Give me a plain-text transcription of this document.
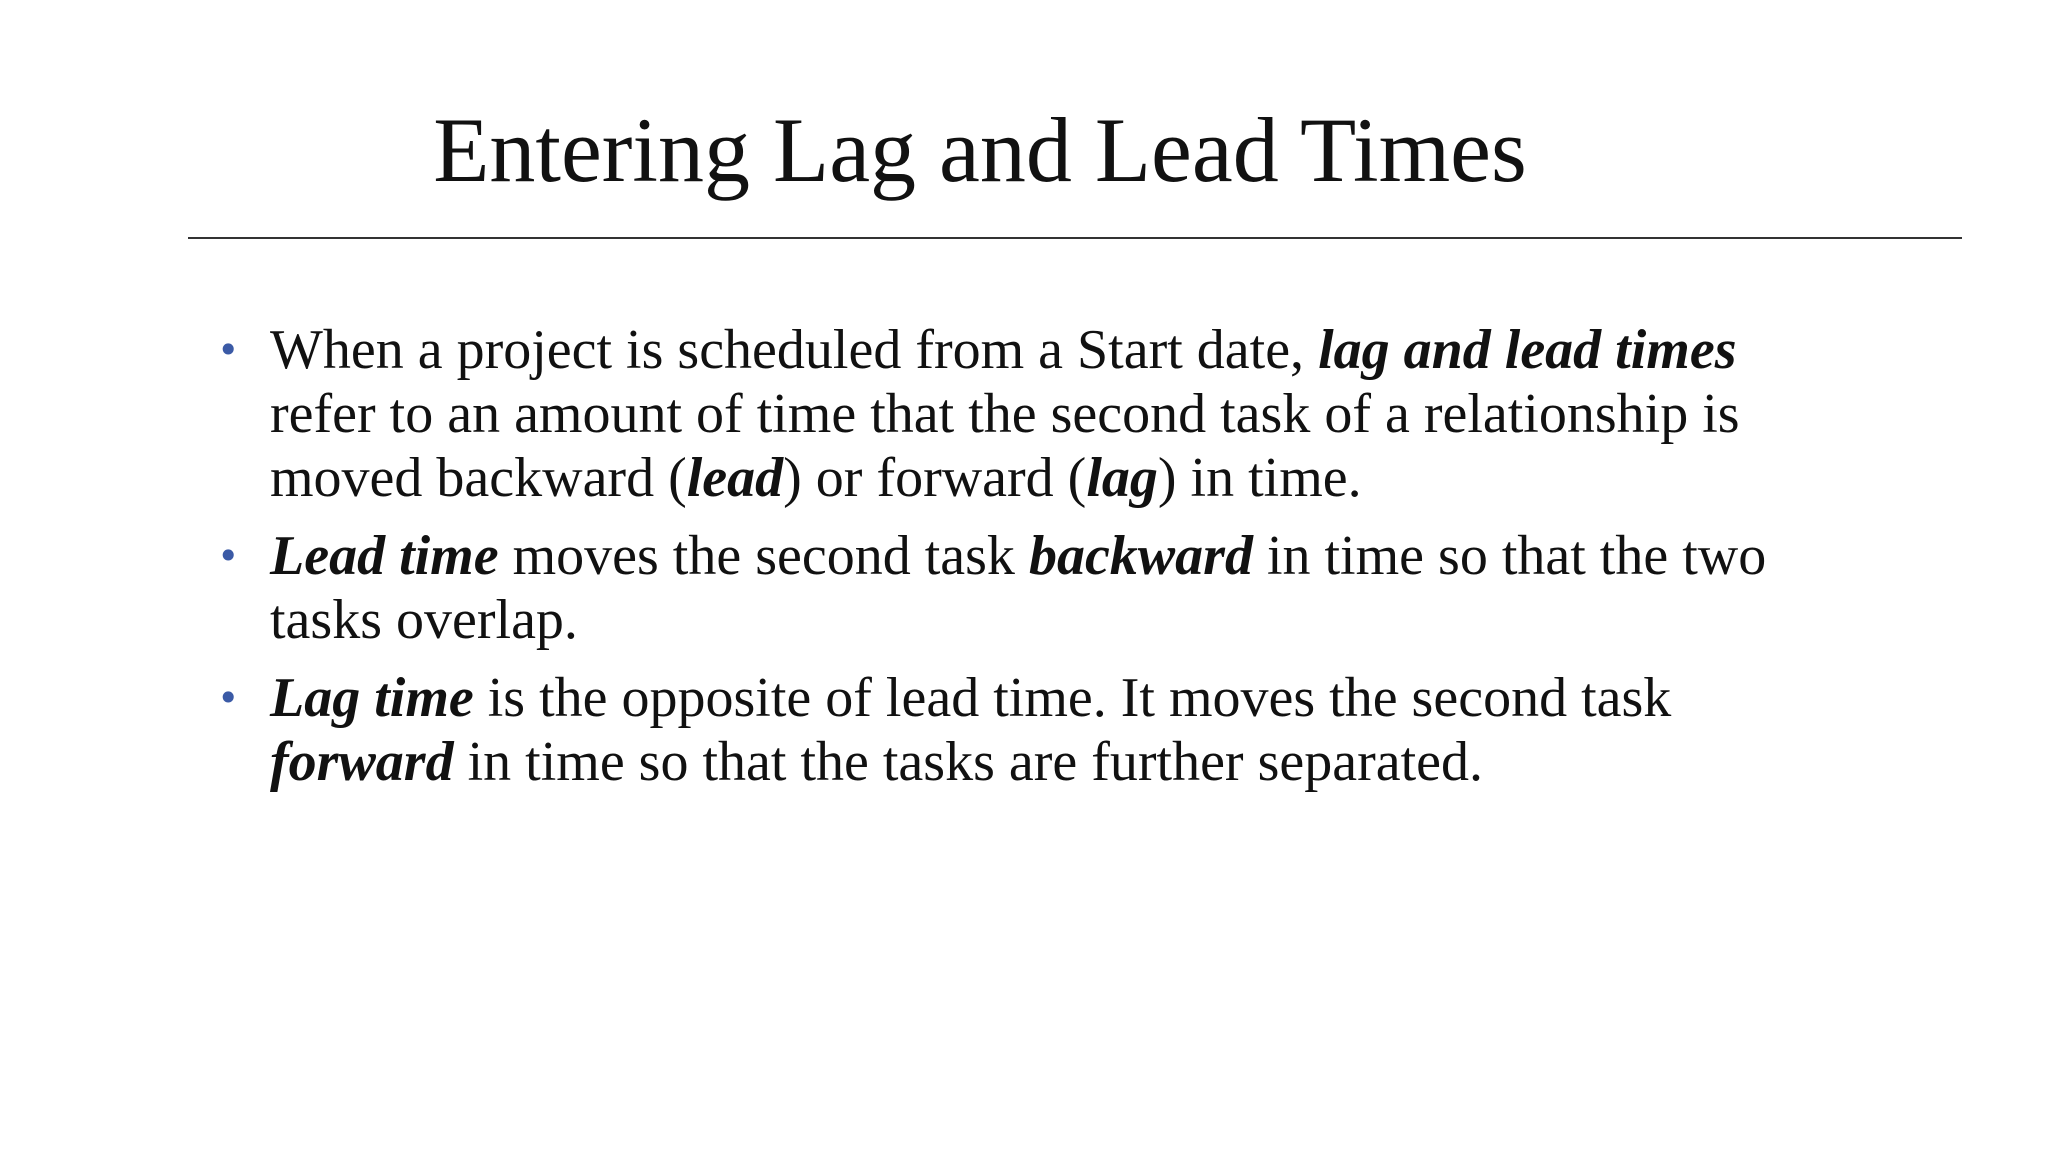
Entering Lag and Lead Times
• When a project is scheduled from a Start date, lag and lead times refer to an amount of time that the second task of a relationship is moved backward (lead) or forward (lag) in time.
• Lead time moves the second task backward in time so that the two tasks overlap.
• Lag time is the opposite of lead time. It moves the second task forward in time so that the tasks are further separated.
